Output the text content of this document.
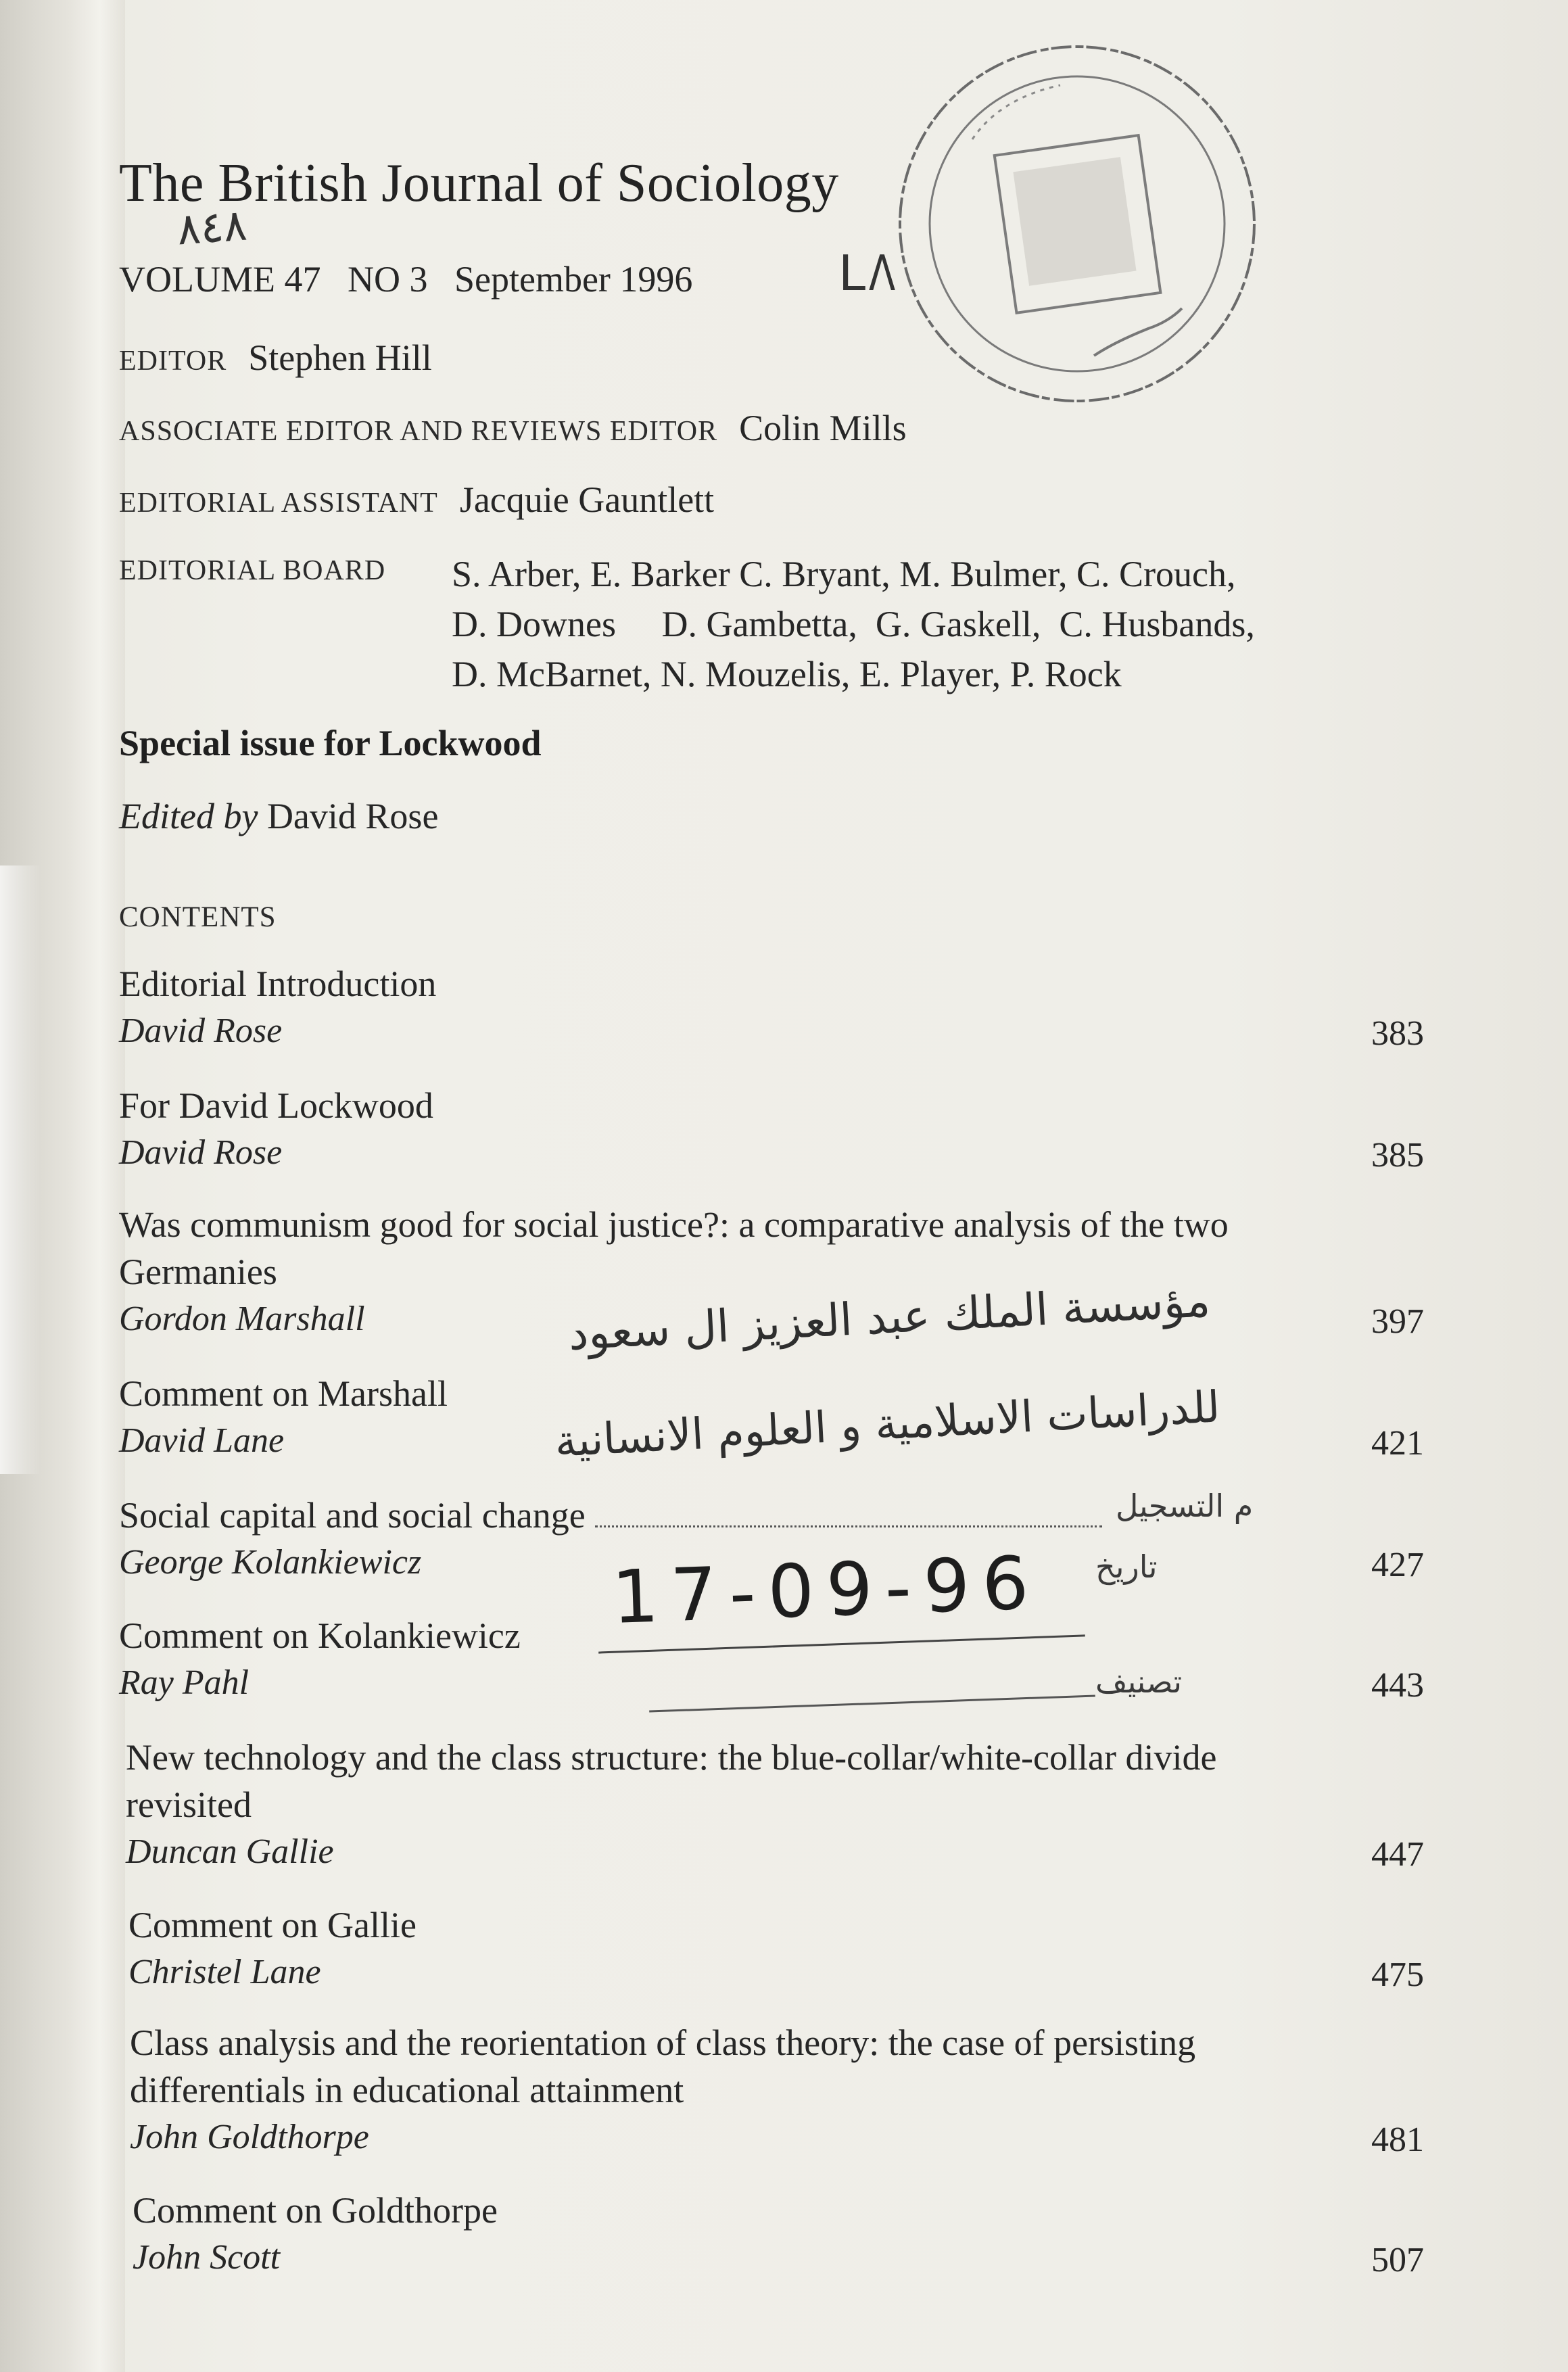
The British Journal of Sociology
VOLUME 47 NO 3 September 1996
٨٤٨
LΛ
EDITOR Stephen Hill
ASSOCIATE EDITOR AND REVIEWS EDITOR Colin Mills
EDITORIAL ASSISTANT Jacquie Gauntlett
EDITORIAL BOARD S. Arber, E. Barker C. Bryant, M. Bulmer, C. Crouch,
D. Downes     D. Gambetta,  G. Gaskell,  C. Husbands,
D. McBarnet, N. Mouzelis, E. Player, P. Rock
Special issue for Lockwood
Edited by David Rose
CONTENTS
Editorial Introduction
David Rose	383
For David Lockwood
David Rose	385
Was communism good for social justice?: a comparative analysis of the two Germanies
Gordon Marshall	397
Comment on Marshall
David Lane	421
Social capital and social change
George Kolankiewicz	427
Comment on Kolankiewicz
Ray Pahl	443
New technology and the class structure: the blue-collar/white-collar divide revisited
Duncan Gallie	447
Comment on Gallie
Christel Lane	475
Class analysis and the reorientation of class theory: the case of persisting differentials in educational attainment
John Goldthorpe	481
Comment on Goldthorpe
John Scott	507
مؤسسة الملك عبد العزيز ال سعود
للدراسات الاسلامية و العلوم الانسانية
م التسجيل
تاريخ
17-09-96
تصنيف
